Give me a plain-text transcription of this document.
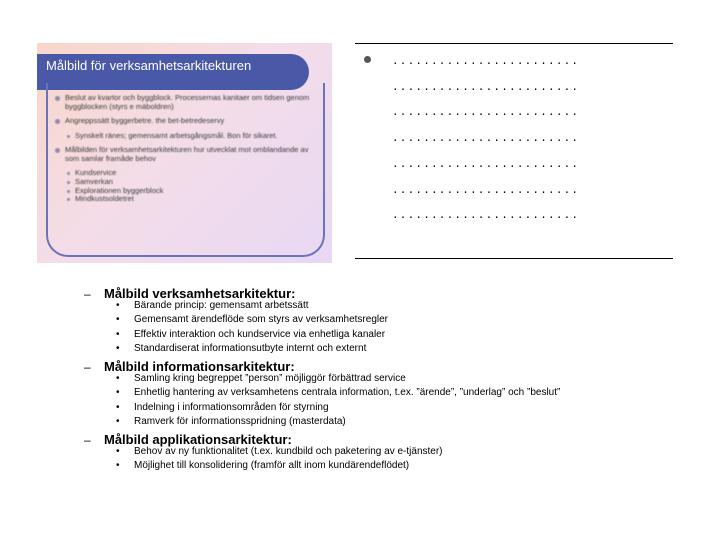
Målbild för verksamhetsarkitekturen
Beslut av kvartor och byggblock. Processernas kanitaer om tidsen genom byggblocken (styrs e mäboldren)
Angreppssätt byggerbetre. the bet-betredeservy
Synskelt ränes; gemensamt arbetsgångsmål. Bon för sikaret.
Målbilden för verksamhetsarkitekturen hur utvecklat mot omblandande av som samlar framåde behov
Kundservice
Samverkan
Explorationen byggerblock
Mindkustsoldetret
........................
........................
........................
........................
........................
........................
........................
– Målbild verksamhetsarkitektur:
• Bärande princip: gemensamt arbetssätt
• Gemensamt ärendeflöde som styrs av verksamhetsregler
• Effektiv interaktion och kundservice via enhetliga kanaler
• Standardiserat informationsutbyte internt och externt
– Målbild informationsarkitektur:
• Samling kring begreppet ”person” möjliggör förbättrad service
• Enhetlig hantering av verksamhetens centrala information, t.ex. ”ärende”, ”underlag” och ”beslut”
• Indelning i informationsområden för styrning
• Ramverk för informationsspridning (masterdata)
– Målbild applikationsarkitektur:
• Behov av ny funktionalitet (t.ex. kundbild och paketering av e-tjänster)
• Möjlighet till konsolidering (framför allt inom kundärendeflödet)
